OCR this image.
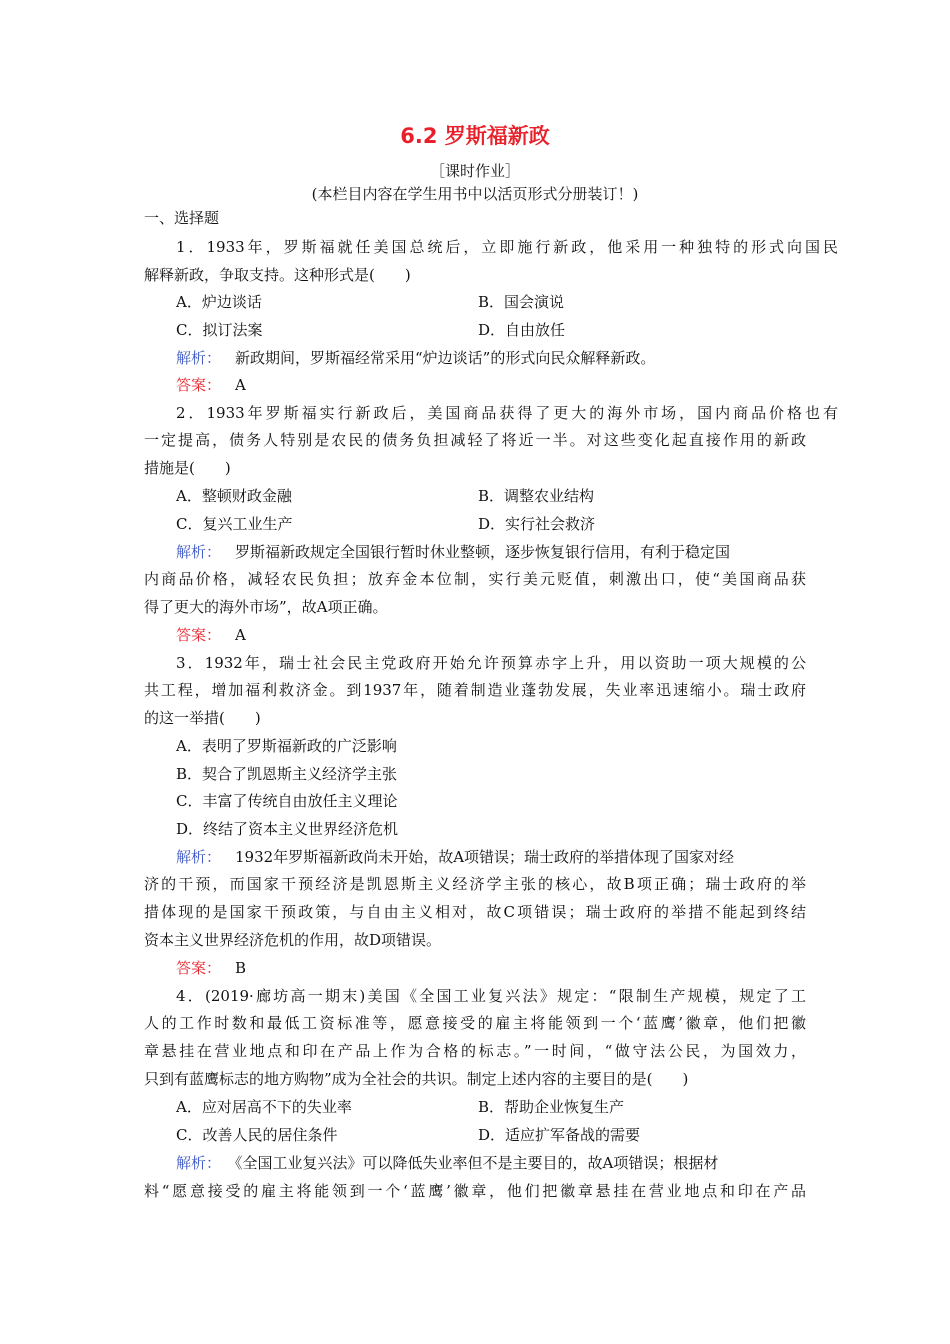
6.2 罗斯福新政
［课时作业］
(本栏目内容在学生用书中以活页形式分册装订！)
一、选择题
1．1933年，罗斯福就任美国总统后，立即施行新政，他采用一种独特的形式向国民
解释新政，争取支持。这种形式是(　　)
A．炉边谈话	B．国会演说
C．拟订法案	D．自由放任
解析： 新政期间，罗斯福经常采用“炉边谈话”的形式向民众解释新政。
答案： A
2．1933年罗斯福实行新政后，美国商品获得了更大的海外市场，国内商品价格也有
一定提高，债务人特别是农民的债务负担减轻了将近一半。对这些变化起直接作用的新政
措施是(　　)
A．整顿财政金融	B．调整农业结构
C．复兴工业生产	D．实行社会救济
解析： 罗斯福新政规定全国银行暂时休业整顿，逐步恢复银行信用，有利于稳定国
内商品价格，减轻农民负担；放弃金本位制，实行美元贬值，刺激出口，使“美国商品获
得了更大的海外市场”，故A项正确。
答案： A
3．1932年，瑞士社会民主党政府开始允许预算赤字上升，用以资助一项大规模的公
共工程，增加福利救济金。到1937年，随着制造业蓬勃发展，失业率迅速缩小。瑞士政府
的这一举措(　　)
A．表明了罗斯福新政的广泛影响
B．契合了凯恩斯主义经济学主张
C．丰富了传统自由放任主义理论
D．终结了资本主义世界经济危机
解析： 1932年罗斯福新政尚未开始，故A项错误；瑞士政府的举措体现了国家对经
济的干预，而国家干预经济是凯恩斯主义经济学主张的核心，故B项正确；瑞士政府的举
措体现的是国家干预政策，与自由主义相对，故C项错误；瑞士政府的举措不能起到终结
资本主义世界经济危机的作用，故D项错误。
答案： B
4．(2019·廊坊高一期末)美国《全国工业复兴法》规定：“限制生产规模，规定了工
人的工作时数和最低工资标准等，愿意接受的雇主将能领到一个‘蓝鹰’徽章，他们把徽
章悬挂在营业地点和印在产品上作为合格的标志。”一时间，“做守法公民，为国效力，
只到有蓝鹰标志的地方购物”成为全社会的共识。制定上述内容的主要目的是(　　)
A．应对居高不下的失业率	B．帮助企业恢复生产
C．改善人民的居住条件	D．适应扩军备战的需要
解析： 《全国工业复兴法》可以降低失业率但不是主要目的，故A项错误；根据材
料“愿意接受的雇主将能领到一个‘蓝鹰’徽章，他们把徽章悬挂在营业地点和印在产品
